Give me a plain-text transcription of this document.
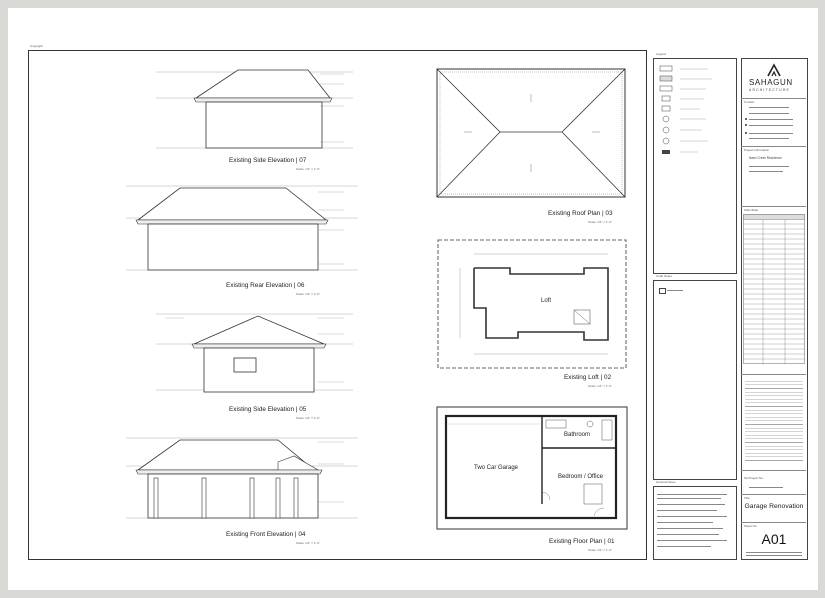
Copyright
Existing Side Elevation | 07
Scale: 1/4" = 1'-0"
Existing Rear Elevation | 06
Scale: 1/4" = 1'-0"
Existing Side Elevation | 05
Scale: 1/4" = 1'-0"
Existing Front Elevation | 04
Scale: 1/4" = 1'-0"
Existing Roof Plan | 03
Scale: 1/4" = 1'-0"
Loft
Existing Loft | 02
Scale: 1/4" = 1'-0"
Two Car Garage
Bathroom
Bedroom / Office
Existing Floor Plan | 01
Scale: 1/4" = 1'-0"
Legend
Code Notes
General Notes
SAHAGUN
ARCHITECTURE
Contact
Project Information
Nash Creek Residence
Submittals
SA Project No.
Title
Garage Renovation
Sheet No.
A01
